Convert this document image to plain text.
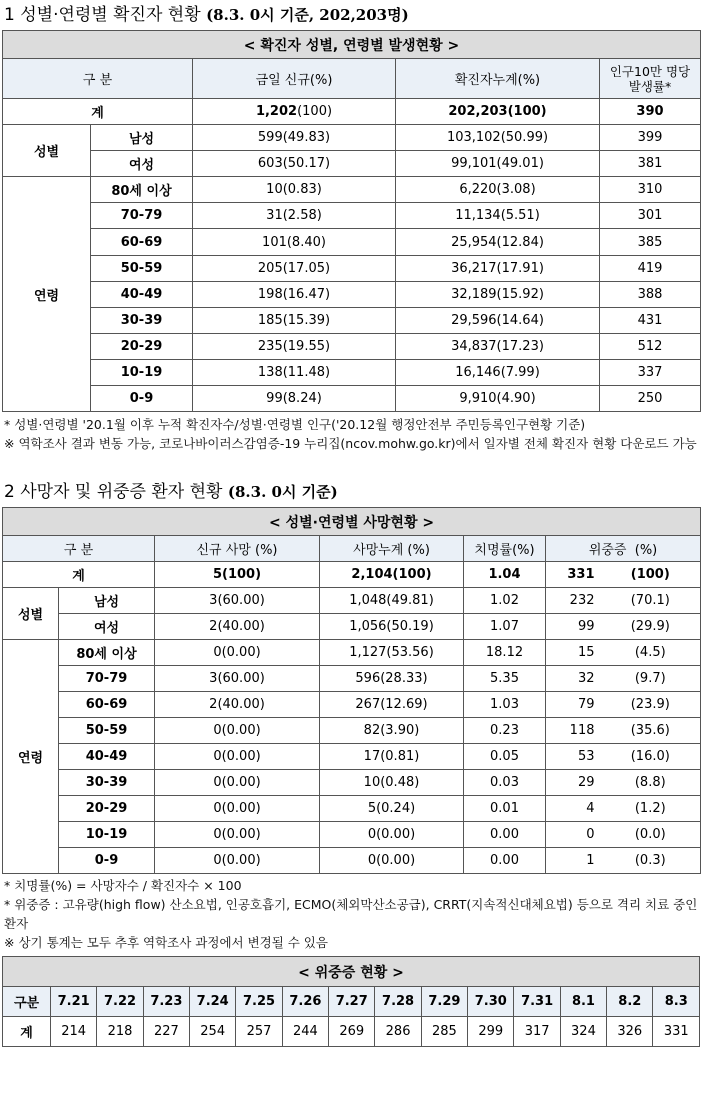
1 성별·연령별 확진자 현황 (8.3. 0시 기준, 202,203명)
< 확진자 성별, 연령별 발생현황 >				
구 분		금일 신규(%)	확진자누계(%)	인구10만 명당
발생률*
계		1,202(100)	202,203(100)	390
성별	남성	599(49.83)	103,102(50.99)	399
	여성	603(50.17)	99,101(49.01)	381
연령	80세 이상	10(0.83)	6,220(3.08)	310
	70-79	31(2.58)	11,134(5.51)	301
	60-69	101(8.40)	25,954(12.84)	385
	50-59	205(17.05)	36,217(17.91)	419
	40-49	198(16.47)	32,189(15.92)	388
	30-39	185(15.39)	29,596(14.64)	431
	20-29	235(19.55)	34,837(17.23)	512
	10-19	138(11.48)	16,146(7.99)	337
	0-9	99(8.24)	9,910(4.90)	250
* 성별·연령별 '20.1월 이후 누적 확진자수/성별·연령별 인구('20.12월 행정안전부 주민등록인구현황 기준)
※ 역학조사 결과 변동 가능, 코로나바이러스감염증-19 누리집(ncov.mohw.go.kr)에서 일자별 전체 확진자 현황 다운로드 가능
2 사망자 및 위중증 환자 현황 (8.3. 0시 기준)
< 성별·연령별 사망현황 >						
구 분		신규 사망 (%)	사망누계 (%)	치명률(%)	위중증  (%)	
계		5(100)	2,104(100)	1.04	331	(100)
성별	남성	3(60.00)	1,048(49.81)	1.02	232	(70.1)
	여성	2(40.00)	1,056(50.19)	1.07	99	(29.9)
연령	80세 이상	0(0.00)	1,127(53.56)	18.12	15	(4.5)
	70-79	3(60.00)	596(28.33)	5.35	32	(9.7)
	60-69	2(40.00)	267(12.69)	1.03	79	(23.9)
	50-59	0(0.00)	82(3.90)	0.23	118	(35.6)
	40-49	0(0.00)	17(0.81)	0.05	53	(16.0)
	30-39	0(0.00)	10(0.48)	0.03	29	(8.8)
	20-29	0(0.00)	5(0.24)	0.01	4	(1.2)
	10-19	0(0.00)	0(0.00)	0.00	0	(0.0)
	0-9	0(0.00)	0(0.00)	0.00	1	(0.3)
* 치명률(%) = 사망자수 / 확진자수 × 100
* 위중증 : 고유량(high flow) 산소요법, 인공호흡기, ECMO(체외막산소공급), CRRT(지속적신대체요법) 등으로 격리 치료 중인 환자
※ 상기 통계는 모두 추후 역학조사 과정에서 변경될 수 있음
< 위중증 현황 >														
구분	7.21	7.22	7.23	7.24	7.25	7.26	7.27	7.28	7.29	7.30	7.31	8.1	8.2	8.3
계	214	218	227	254	257	244	269	286	285	299	317	324	326	331
